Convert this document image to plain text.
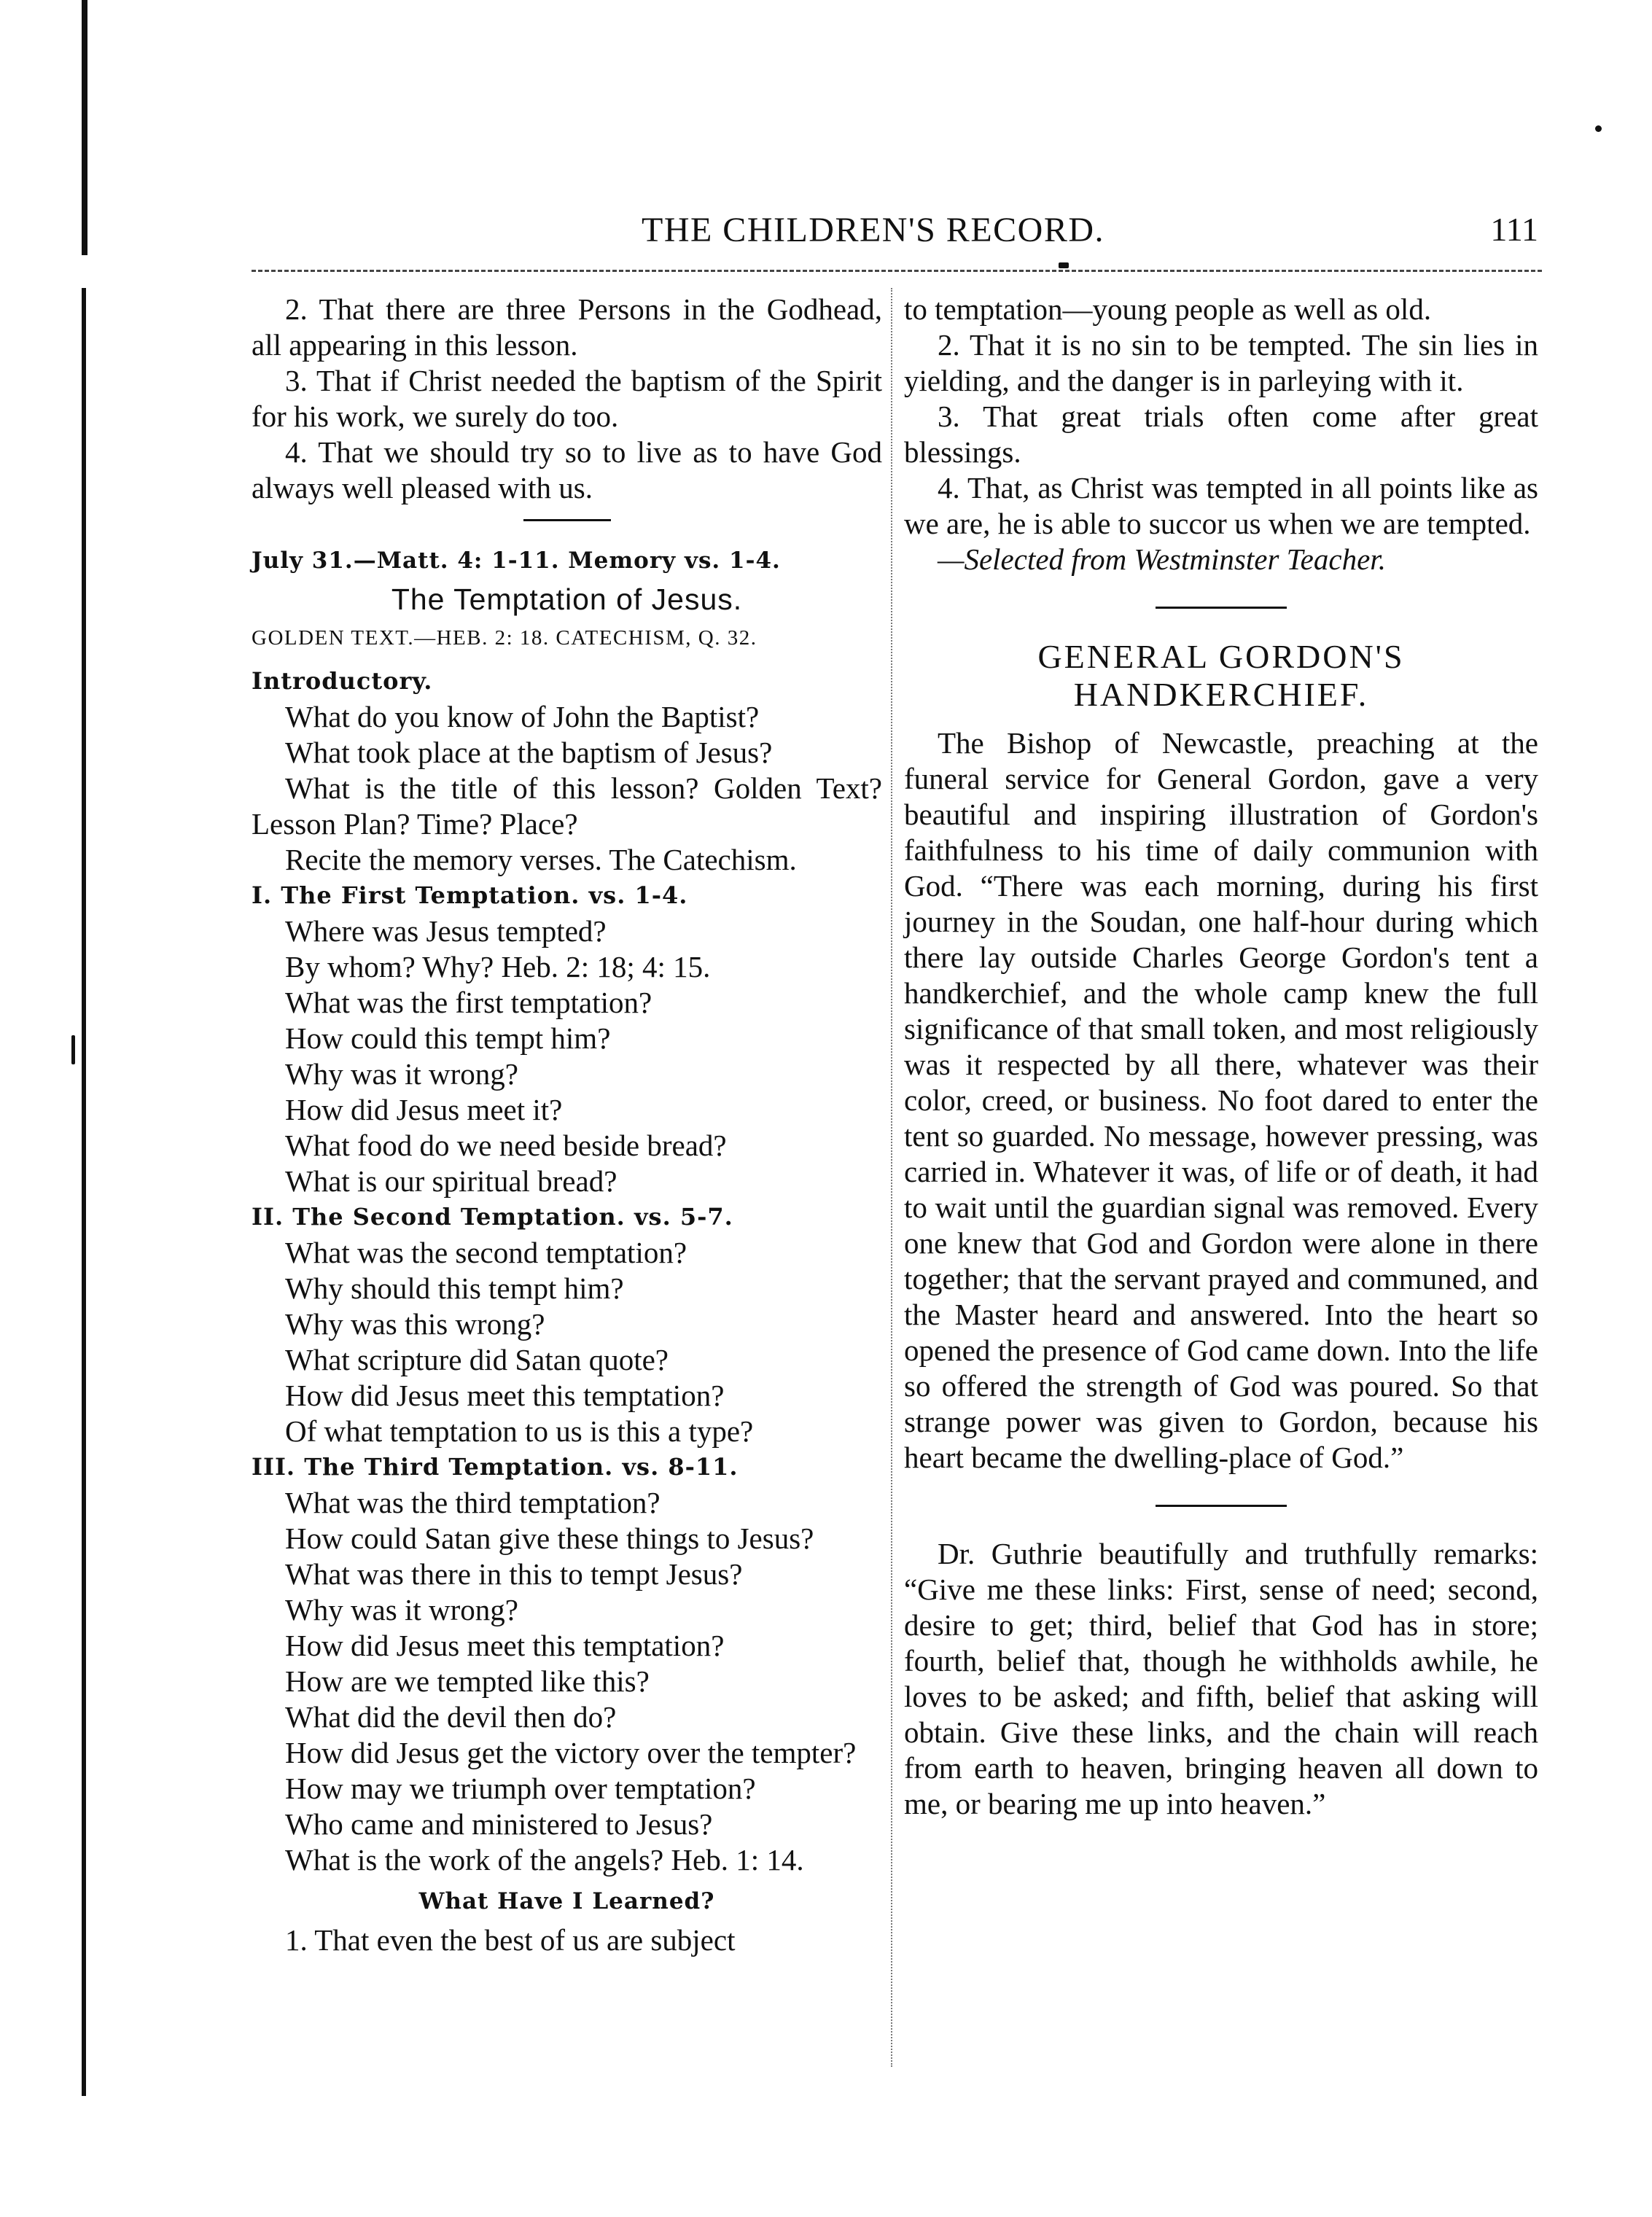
THE CHILDREN'S RECORD.	111

2. That there are three Persons in the Godhead, all appearing in this lesson.

3. That if Christ needed the baptism of the Spirit for his work, we surely do too.

4. That we should try so to live as to have God always well pleased with us.

July 31.—Matt. 4: 1-11. Memory vs. 1-4.

The Temptation of Jesus.

GOLDEN TEXT.—HEB. 2: 18. CATECHISM, Q. 32.

Introductory.

What do you know of John the Baptist?

What took place at the baptism of Jesus?

What is the title of this lesson? Golden Text? Lesson Plan? Time? Place?

Recite the memory verses. The Catechism.

I. The First Temptation. vs. 1-4.

Where was Jesus tempted?

By whom? Why? Heb. 2: 18; 4: 15.

What was the first temptation?

How could this tempt him?

Why was it wrong?

How did Jesus meet it?

What food do we need beside bread?

What is our spiritual bread?

II. The Second Temptation. vs. 5-7.

What was the second temptation?

Why should this tempt him?

Why was this wrong?

What scripture did Satan quote?

How did Jesus meet this temptation?

Of what temptation to us is this a type?

III. The Third Temptation. vs. 8-11.

What was the third temptation?

How could Satan give these things to Jesus?

What was there in this to tempt Jesus?

Why was it wrong?

How did Jesus meet this temptation?

How are we tempted like this?

What did the devil then do?

How did Jesus get the victory over the tempter?

How may we triumph over temptation?

Who came and ministered to Jesus?

What is the work of the angels? Heb. 1: 14.

What Have I Learned?

1. That even the best of us are subject

to temptation—young people as well as old.

2. That it is no sin to be tempted. The sin lies in yielding, and the danger is in parleying with it.

3. That great trials often come after great blessings.

4. That, as Christ was tempted in all points like as we are, he is able to succor us when we are tempted.

—Selected from Westminster Teacher.

GENERAL GORDON'S HANDKERCHIEF.

The Bishop of Newcastle, preaching at the funeral service for General Gordon, gave a very beautiful and inspiring illustration of Gordon's faithfulness to his time of daily communion with God. “There was each morning, during his first journey in the Soudan, one half-hour during which there lay outside Charles George Gordon's tent a handkerchief, and the whole camp knew the full significance of that small token, and most religiously was it respected by all there, whatever was their color, creed, or business. No foot dared to enter the tent so guarded. No message, however pressing, was carried in. Whatever it was, of life or of death, it had to wait until the guardian signal was removed. Every one knew that God and Gordon were alone in there together; that the servant prayed and communed, and the Master heard and answered. Into the heart so opened the presence of God came down. Into the life so offered the strength of God was poured. So that strange power was given to Gordon, because his heart became the dwelling-place of God.”

Dr. Guthrie beautifully and truthfully remarks: “Give me these links: First, sense of need; second, desire to get; third, belief that God has in store; fourth, belief that, though he withholds awhile, he loves to be asked; and fifth, belief that asking will obtain. Give these links, and the chain will reach from earth to heaven, bringing heaven all down to me, or bearing me up into heaven.”
